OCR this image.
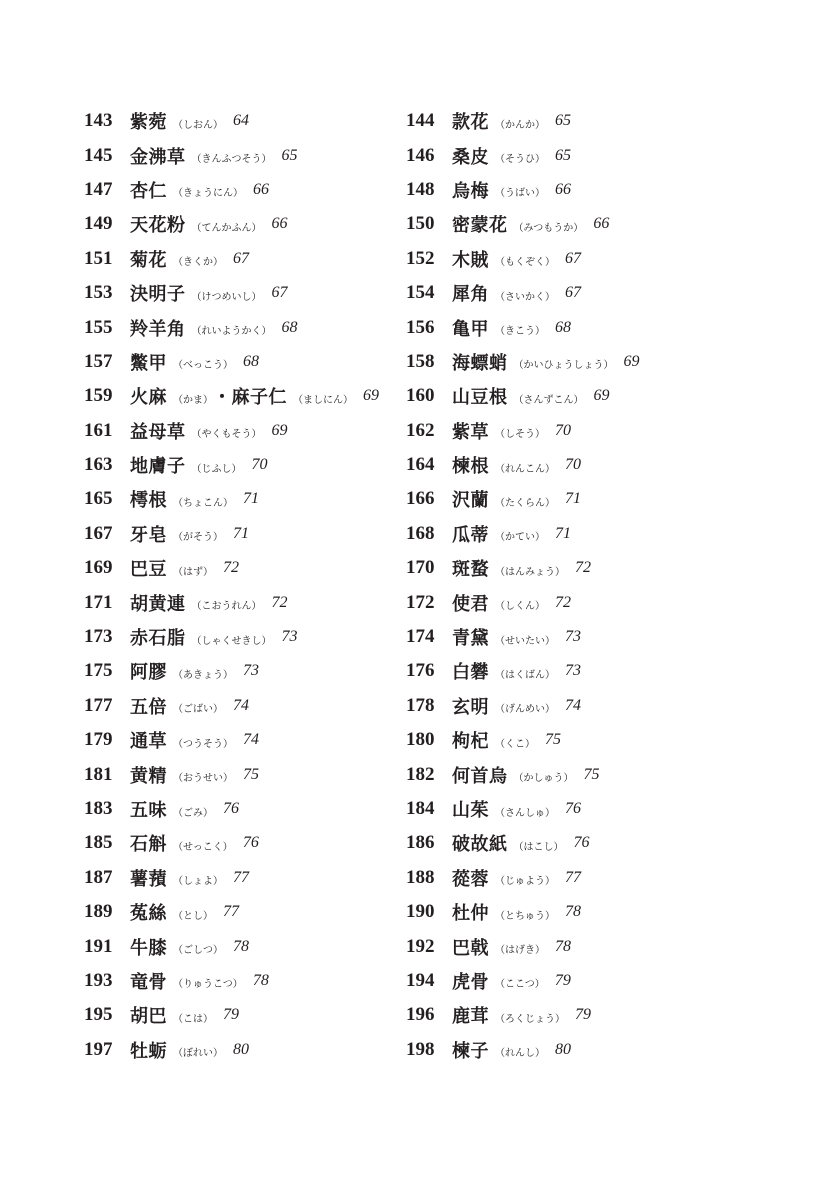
143 紫菀 （しおん） 64
145 金沸草 （きんふつそう） 65
147 杏仁 （きょうにん） 66
149 天花粉 （てんかふん） 66
151 菊花 （きくか） 67
153 決明子 （けつめいし） 67
155 羚羊角 （れいようかく） 68
157 鱉甲 （べっこう） 68
159 火麻 （かま） ・麻子仁 （ましにん） 69
161 益母草 （やくもそう） 69
163 地膚子 （じふし） 70
165 樗根 （ちょこん） 71
167 牙皂 （がそう） 71
169 巴豆 （はず） 72
171 胡黄連 （こおうれん） 72
173 赤石脂 （しゃくせきし） 73
175 阿膠 （あきょう） 73
177 五倍 （ごばい） 74
179 通草 （つうそう） 74
181 黄精 （おうせい） 75
183 五味 （ごみ） 76
185 石斛 （せっこく） 76
187 薯蕷 （しょよ） 77
189 菟絲 （とし） 77
191 牛膝 （ごしつ） 78
193 竜骨 （りゅうこつ） 78
195 胡巴 （こは） 79
197 牡蛎 （ぼれい） 80
144 款花 （かんか） 65
146 桑皮 （そうひ） 65
148 烏梅 （うばい） 66
150 密蒙花 （みつもうか） 66
152 木賊 （もくぞく） 67
154 犀角 （さいかく） 67
156 亀甲 （きこう） 68
158 海螵蛸 （かいひょうしょう） 69
160 山豆根 （さんずこん） 69
162 紫草 （しそう） 70
164 楝根 （れんこん） 70
166 沢蘭 （たくらん） 71
168 瓜蒂 （かてい） 71
170 斑蝥 （はんみょう） 72
172 使君 （しくん） 72
174 青黛 （せいたい） 73
176 白礬 （はくばん） 73
178 玄明 （げんめい） 74
180 枸杞 （くこ） 75
182 何首烏 （かしゅう） 75
184 山茱 （さんしゅ） 76
186 破故紙 （はこし） 76
188 蓯蓉 （じゅよう） 77
190 杜仲 （とちゅう） 78
192 巴戟 （はげき） 78
194 虎骨 （ここつ） 79
196 鹿茸 （ろくじょう） 79
198 楝子 （れんし） 80
